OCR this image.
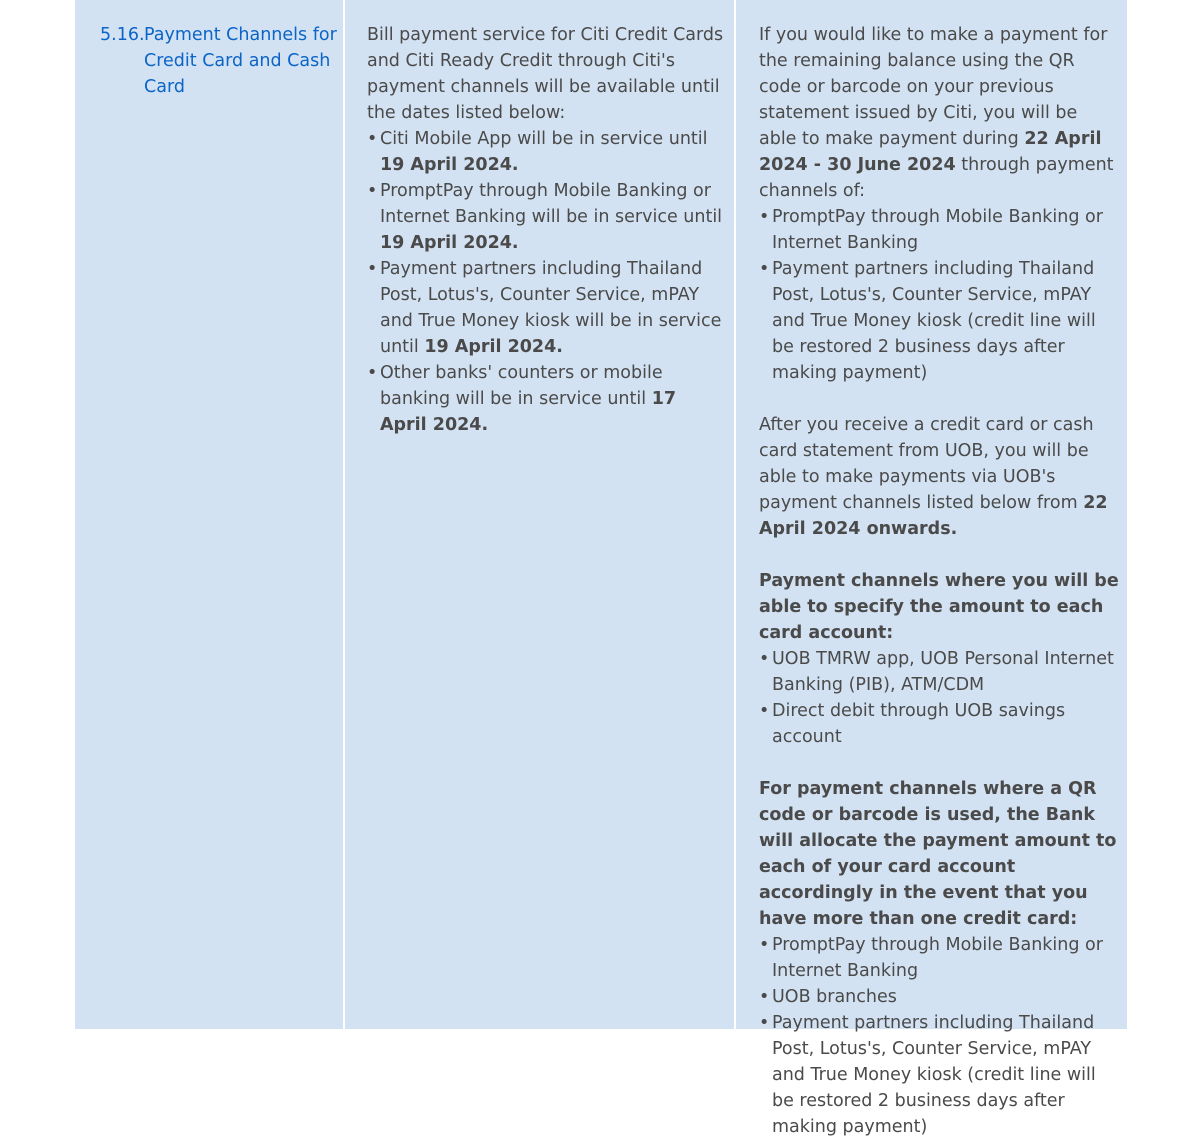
5.16. Payment Channels for Credit Card and Cash Card

Bill payment service for Citi Credit Cards and Citi Ready Credit through Citi's payment channels will be available until the dates listed below:

• Citi Mobile App will be in service until 19 April 2024.
• PromptPay through Mobile Banking or Internet Banking will be in service until 19 April 2024.
• Payment partners including Thailand Post, Lotus's, Counter Service, mPAY and True Money kiosk will be in service until 19 April 2024.
• Other banks' counters or mobile banking will be in service until 17 April 2024.

If you would like to make a payment for the remaining balance using the QR code or barcode on your previous statement issued by Citi, you will be able to make payment during 22 April 2024 - 30 June 2024 through payment channels of:

• PromptPay through Mobile Banking or Internet Banking
• Payment partners including Thailand Post, Lotus's, Counter Service, mPAY and True Money kiosk (credit line will be restored 2 business days after making payment)

After you receive a credit card or cash card statement from UOB, you will be able to make payments via UOB's payment channels listed below from 22 April 2024 onwards.

Payment channels where you will be able to specify the amount to each card account:

• UOB TMRW app, UOB Personal Internet Banking (PIB), ATM/CDM
• Direct debit through UOB savings account

For payment channels where a QR code or barcode is used, the Bank will allocate the payment amount to each of your card account accordingly in the event that you have more than one credit card:

• PromptPay through Mobile Banking or Internet Banking
• UOB branches
• Payment partners including Thailand Post, Lotus's, Counter Service, mPAY and True Money kiosk (credit line will be restored 2 business days after making payment)
